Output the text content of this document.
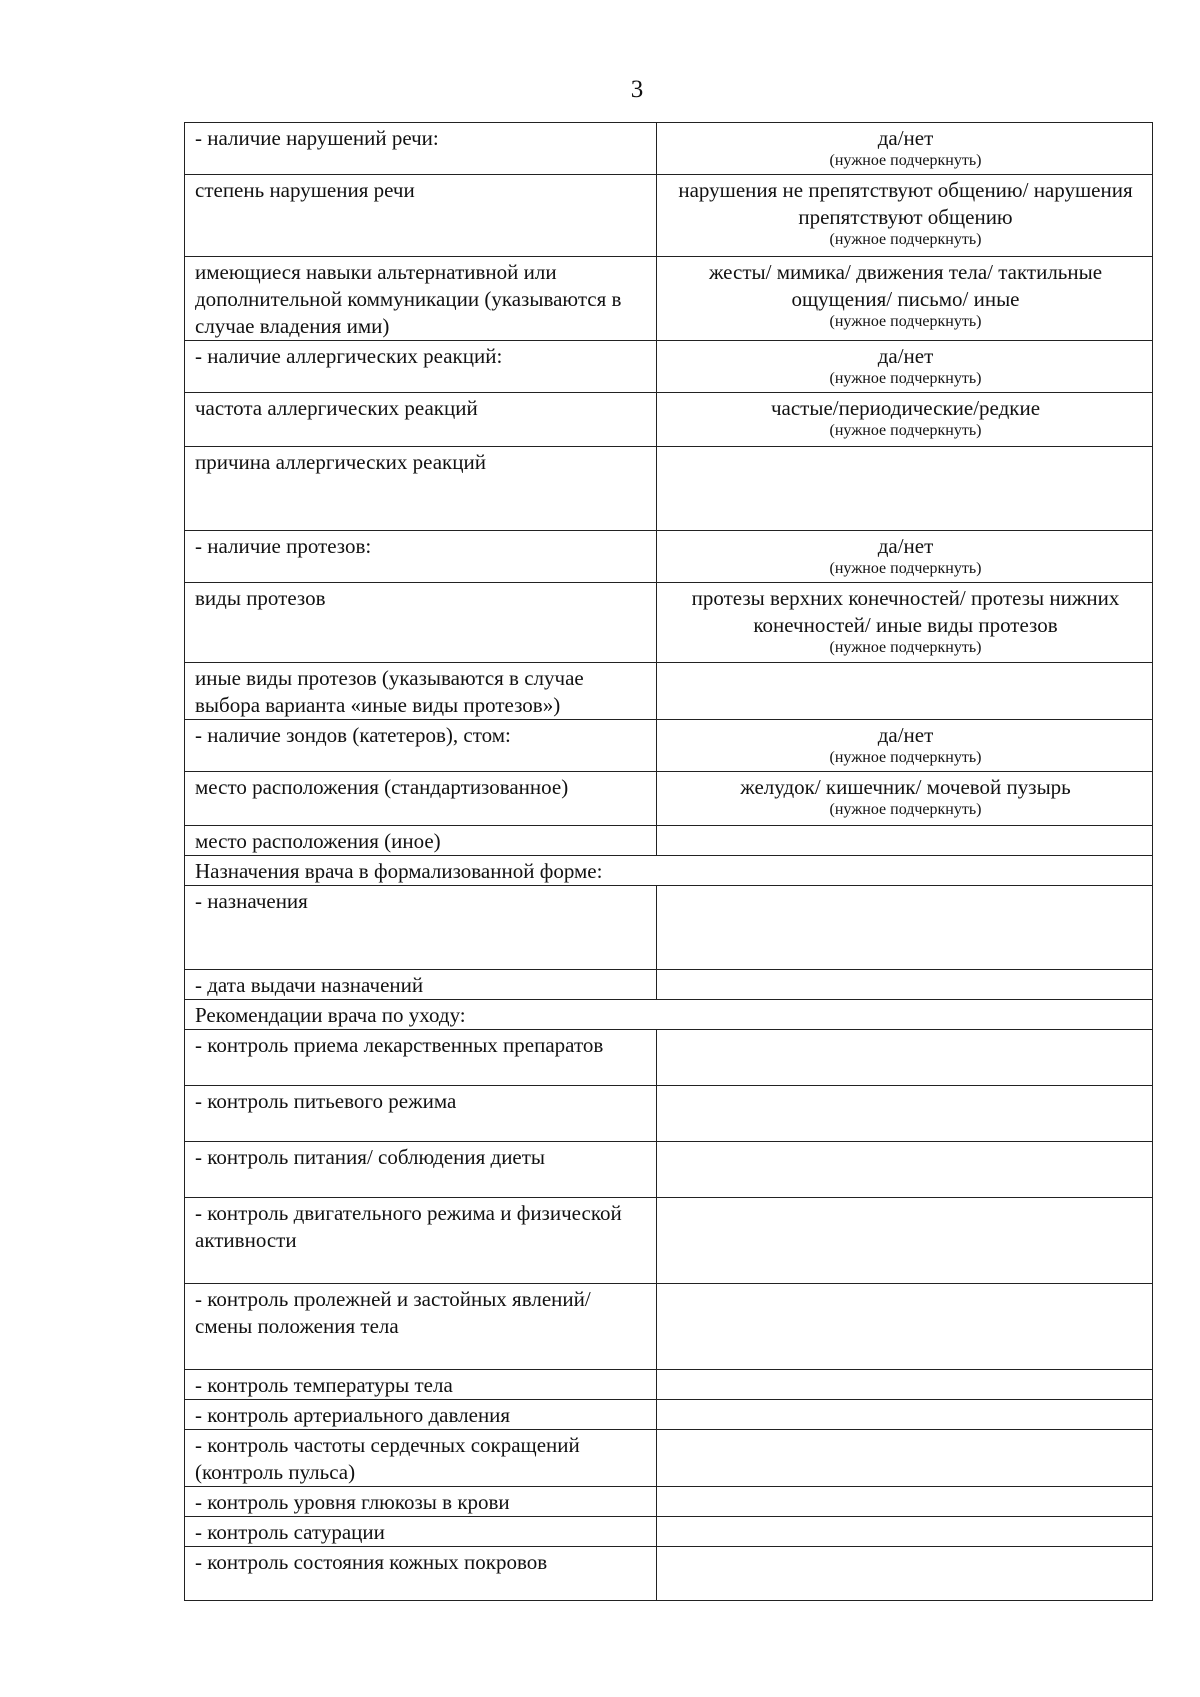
3
- наличие нарушений речи:	да/нет
(нужное подчеркнуть)

степень нарушения речи	нарушения не препятствуют общению/ нарушения препятствуют общению
(нужное подчеркнуть)

имеющиеся навыки альтернативной или дополнительной коммуникации (указываются в случае владения ими)	жесты/ мимика/ движения тела/ тактильные ощущения/ письмо/ иные
(нужное подчеркнуть)

- наличие аллергических реакций:	да/нет
(нужное подчеркнуть)

частота аллергических реакций	частые/периодические/редкие
(нужное подчеркнуть)

причина аллергических реакций	
- наличие протезов:	да/нет
(нужное подчеркнуть)

виды протезов	протезы верхних конечностей/ протезы нижних конечностей/ иные виды протезов
(нужное подчеркнуть)

иные виды протезов (указываются в случае выбора варианта «иные виды протезов»)	
- наличие зондов (катетеров), стом:	да/нет
(нужное подчеркнуть)

место расположения (стандартизованное)	желудок/ кишечник/ мочевой пузырь
(нужное подчеркнуть)

место расположения (иное)	
Назначения врача в формализованной форме:	
- назначения	
- дата выдачи назначений	
Рекомендации врача по уходу:	
- контроль приема лекарственных препаратов	
- контроль питьевого режима	
- контроль питания/ соблюдения диеты	
- контроль двигательного режима и физической активности	
- контроль пролежней и застойных явлений/ смены положения тела	
- контроль температуры тела	
- контроль артериального давления	
- контроль частоты сердечных сокращений (контроль пульса)	
- контроль уровня глюкозы в крови	
- контроль сатурации	
- контроль состояния кожных покровов	
